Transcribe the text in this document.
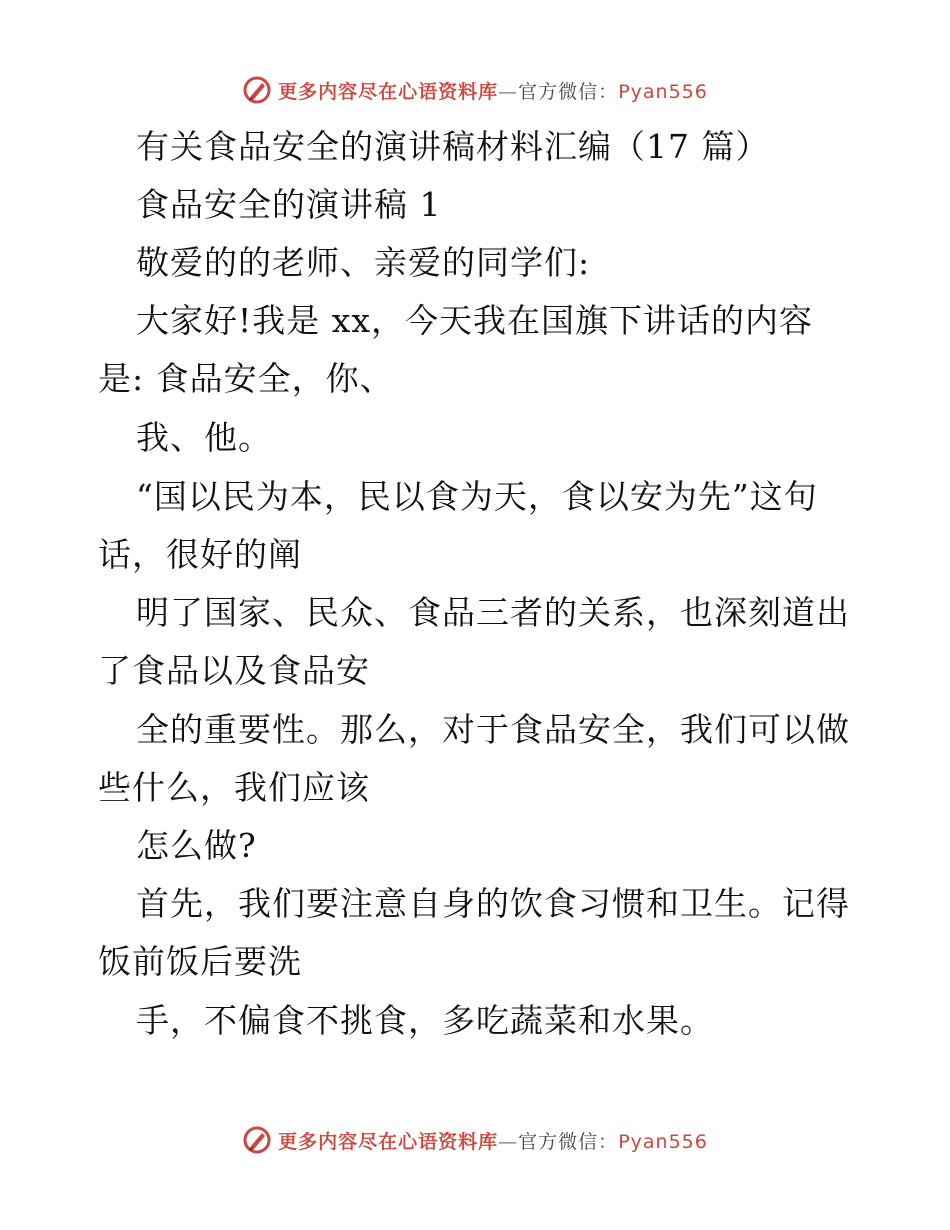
更多内容尽在心语资料库—官方微信：Pyan556
有关食品安全的演讲稿材料汇编（17 篇）
食品安全的演讲稿 1
敬爱的的老师、亲爱的同学们:
大家好!我是 xx，今天我在国旗下讲话的内容
是: 食品安全，你、
我、他。
“国以民为本，民以食为天，食以安为先”这句
话，很好的阐
明了国家、民众、食品三者的关系，也深刻道出
了食品以及食品安
全的重要性。那么，对于食品安全，我们可以做
些什么，我们应该
怎么做?
首先，我们要注意自身的饮食习惯和卫生。记得
饭前饭后要洗
手，不偏食不挑食，多吃蔬菜和水果。
更多内容尽在心语资料库—官方微信：Pyan556
